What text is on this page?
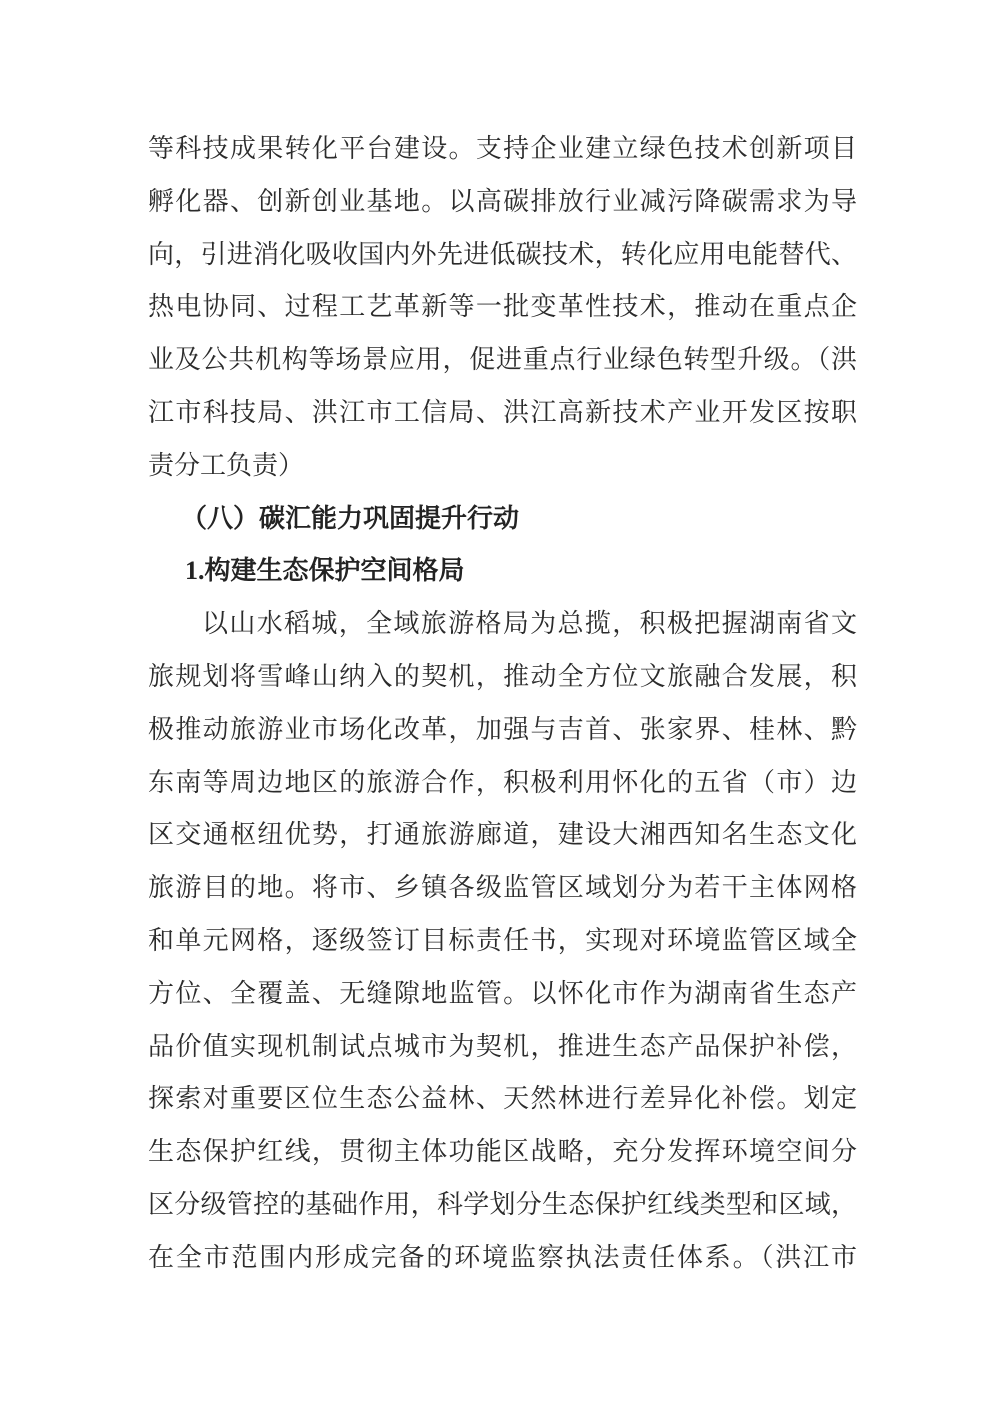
等科技成果转化平台建设。支持企业建立绿色技术创新项目
孵化器、创新创业基地。以高碳排放行业减污降碳需求为导
向，引进消化吸收国内外先进低碳技术，转化应用电能替代、
热电协同、过程工艺革新等一批变革性技术，推动在重点企
业及公共机构等场景应用，促进重点行业绿色转型升级。（洪
江市科技局、洪江市工信局、洪江高新技术产业开发区按职
责分工负责）
（八）碳汇能力巩固提升行动
1.构建生态保护空间格局
以山水稻城，全域旅游格局为总揽，积极把握湖南省文
旅规划将雪峰山纳入的契机，推动全方位文旅融合发展，积
极推动旅游业市场化改革，加强与吉首、张家界、桂林、黔
东南等周边地区的旅游合作，积极利用怀化的五省（市）边
区交通枢纽优势，打通旅游廊道，建设大湘西知名生态文化
旅游目的地。将市、乡镇各级监管区域划分为若干主体网格
和单元网格，逐级签订目标责任书，实现对环境监管区域全
方位、全覆盖、无缝隙地监管。以怀化市作为湖南省生态产
品价值实现机制试点城市为契机，推进生态产品保护补偿，
探索对重要区位生态公益林、天然林进行差异化补偿。划定
生态保护红线，贯彻主体功能区战略，充分发挥环境空间分
区分级管控的基础作用，科学划分生态保护红线类型和区域，
在全市范围内形成完备的环境监察执法责任体系。（洪江市
